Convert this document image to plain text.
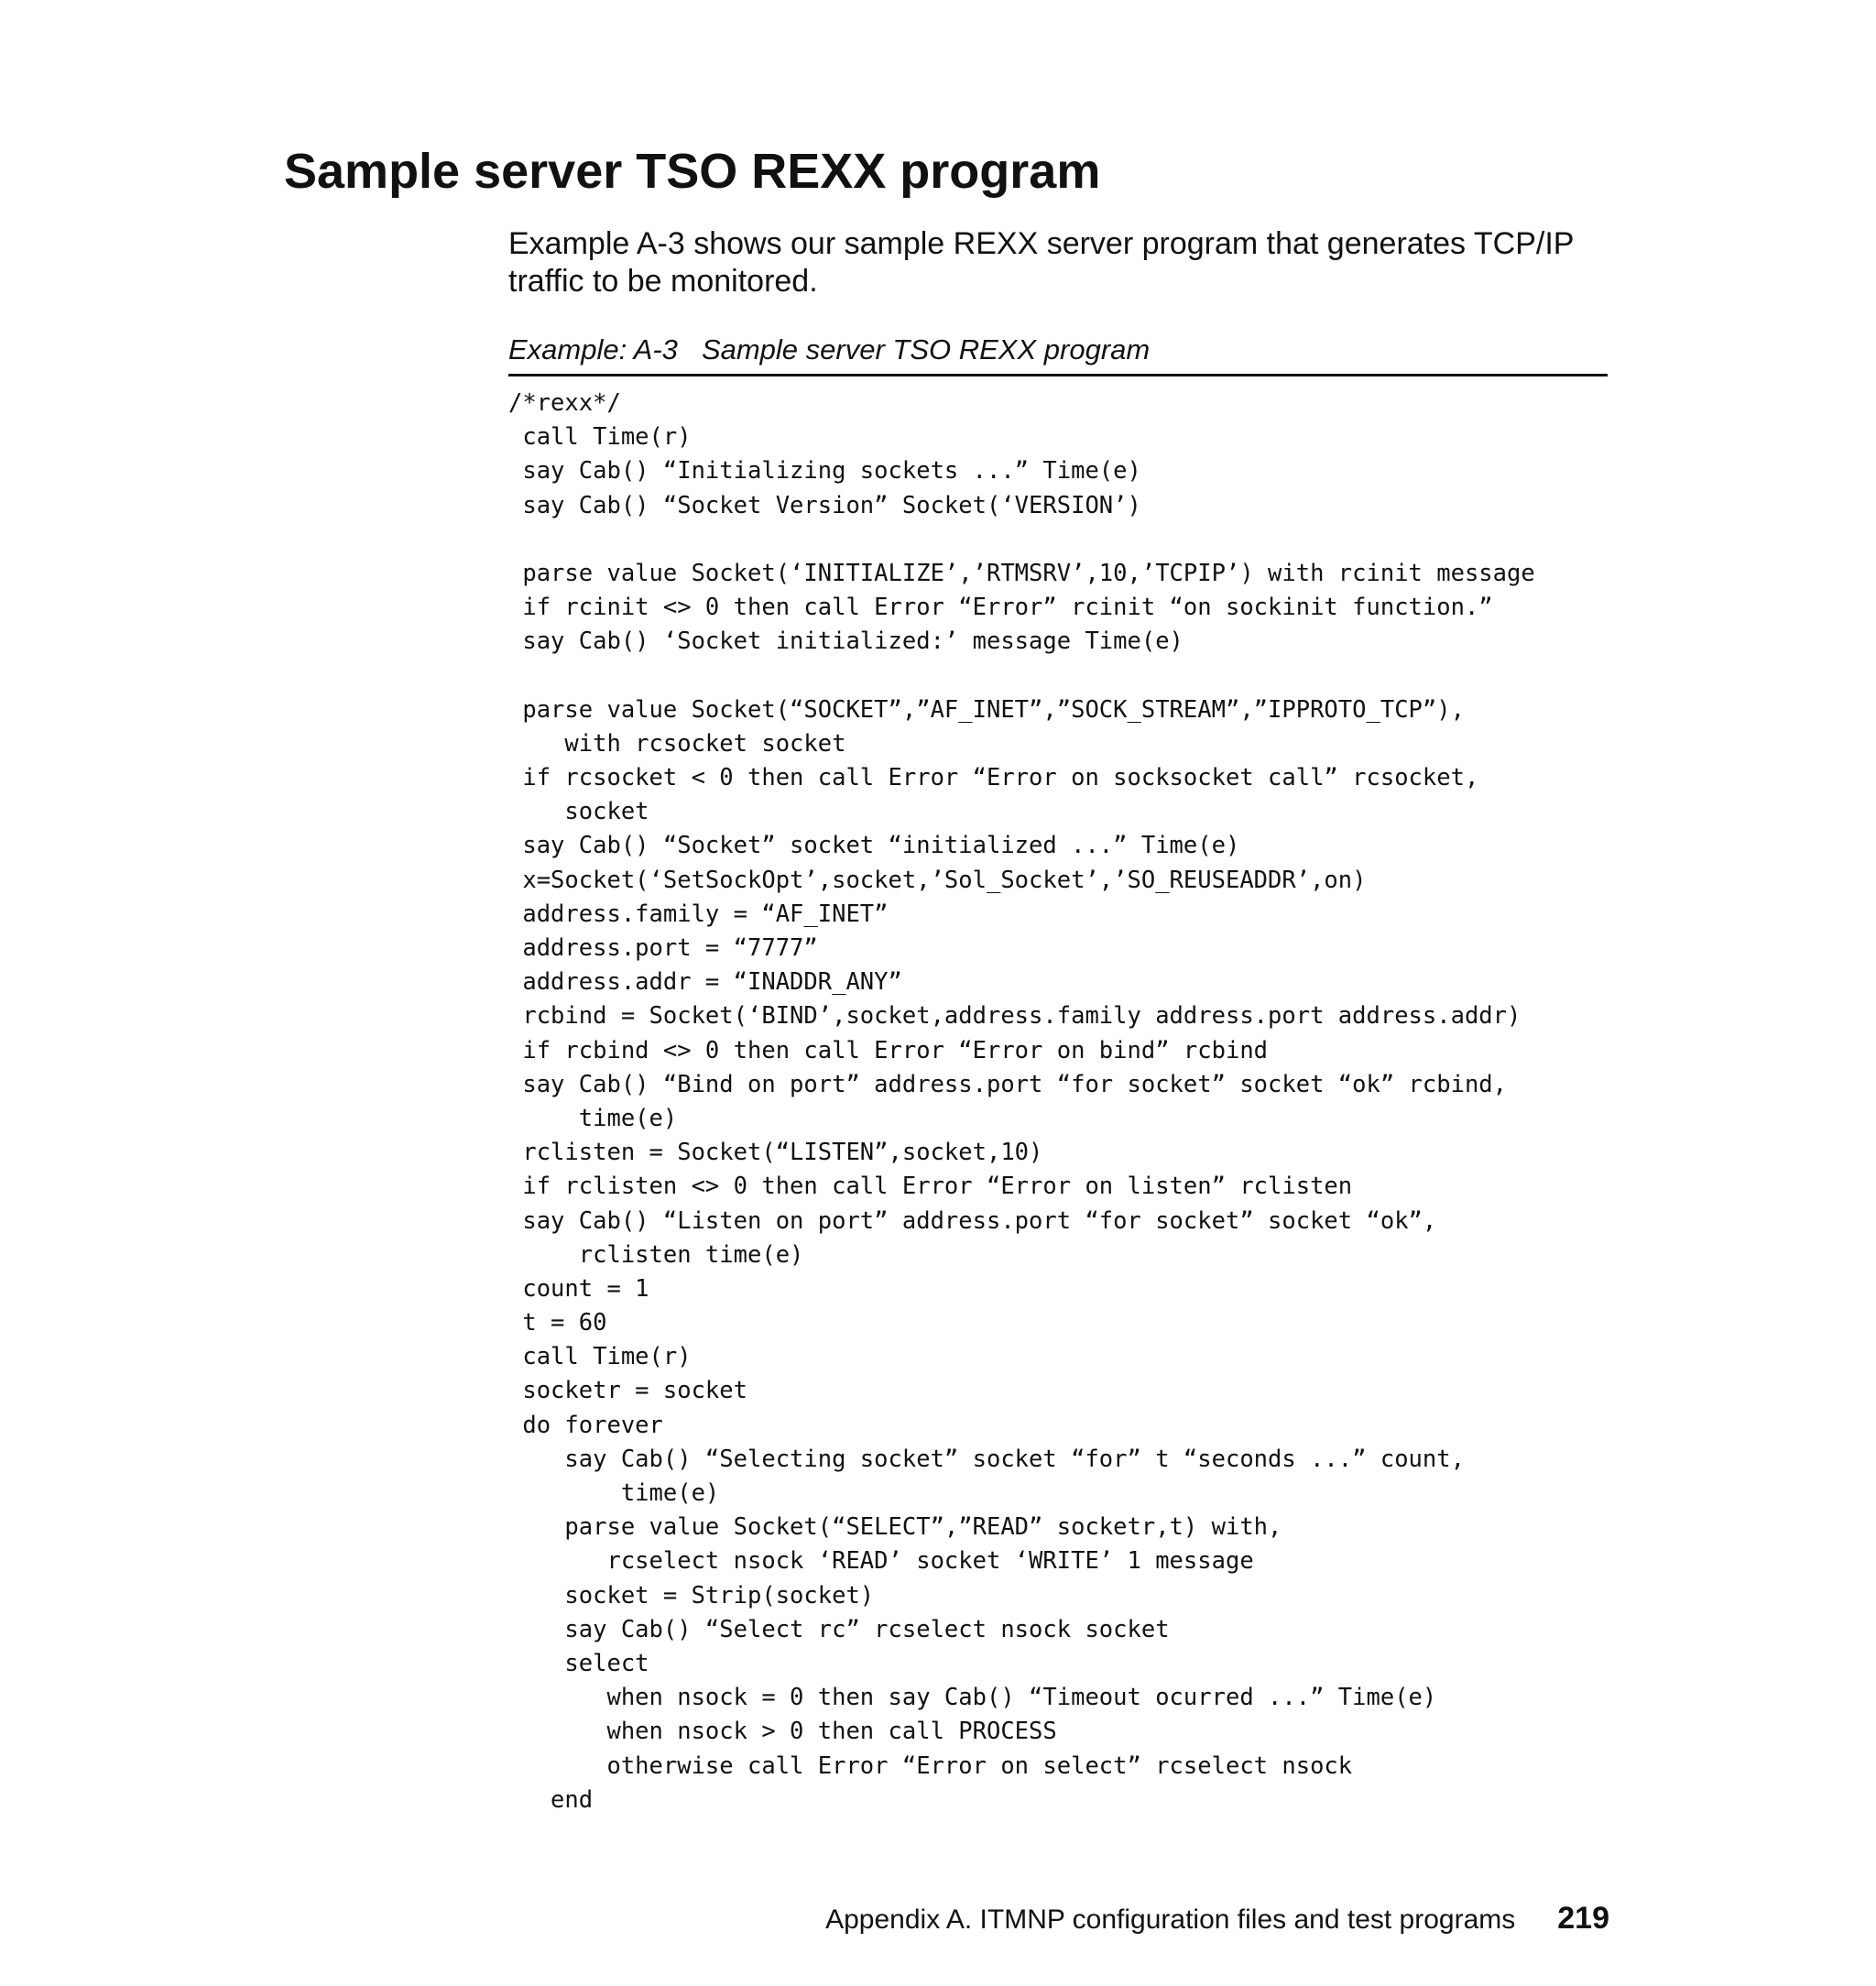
Sample server TSO REXX program

Example A-3 shows our sample REXX server program that generates TCP/IP traffic to be monitored.

Example: A-3 Sample server TSO REXX program

/*rexx*/
call Time(r)
say Cab() “Initializing sockets ...” Time(e)
say Cab() “Socket Version” Socket(‘VERSION’)
parse value Socket(‘INITIALIZE’,’RTMSRV’,10,’TCPIP’) with rcinit message
if rcinit <> 0 then call Error “Error” rcinit “on sockinit function.”
say Cab() ‘Socket initialized:’ message Time(e)
parse value Socket(“SOCKET”,”AF_INET”,”SOCK_STREAM”,”IPPROTO_TCP”),
with rcsocket socket
if rcsocket < 0 then call Error “Error on socksocket call” rcsocket,
socket
say Cab() “Socket” socket “initialized ...” Time(e)
x=Socket(‘SetSockOpt’,socket,’Sol_Socket’,’SO_REUSEADDR’,on)
address.family = “AF_INET”
address.port = “7777”
address.addr = “INADDR_ANY”
rcbind = Socket(‘BIND’,socket,address.family address.port address.addr)
if rcbind <> 0 then call Error “Error on bind” rcbind
say Cab() “Bind on port” address.port “for socket” socket “ok” rcbind,
time(e)
rclisten = Socket(“LISTEN”,socket,10)
if rclisten <> 0 then call Error “Error on listen” rclisten
say Cab() “Listen on port” address.port “for socket” socket “ok”,
rclisten time(e)
count = 1
t = 60
call Time(r)
socketr = socket
do forever
say Cab() “Selecting socket” socket “for” t “seconds ...” count,
time(e)
parse value Socket(“SELECT”,”READ” socketr,t) with,
rcselect nsock ‘READ’ socket ‘WRITE’ 1 message
socket = Strip(socket)
say Cab() “Select rc” rcselect nsock socket
select
when nsock = 0 then say Cab() “Timeout ocurred ...” Time(e)
when nsock > 0 then call PROCESS
otherwise call Error “Error on select” rcselect nsock
end

Appendix A. ITMNP configuration files and test programs 219
